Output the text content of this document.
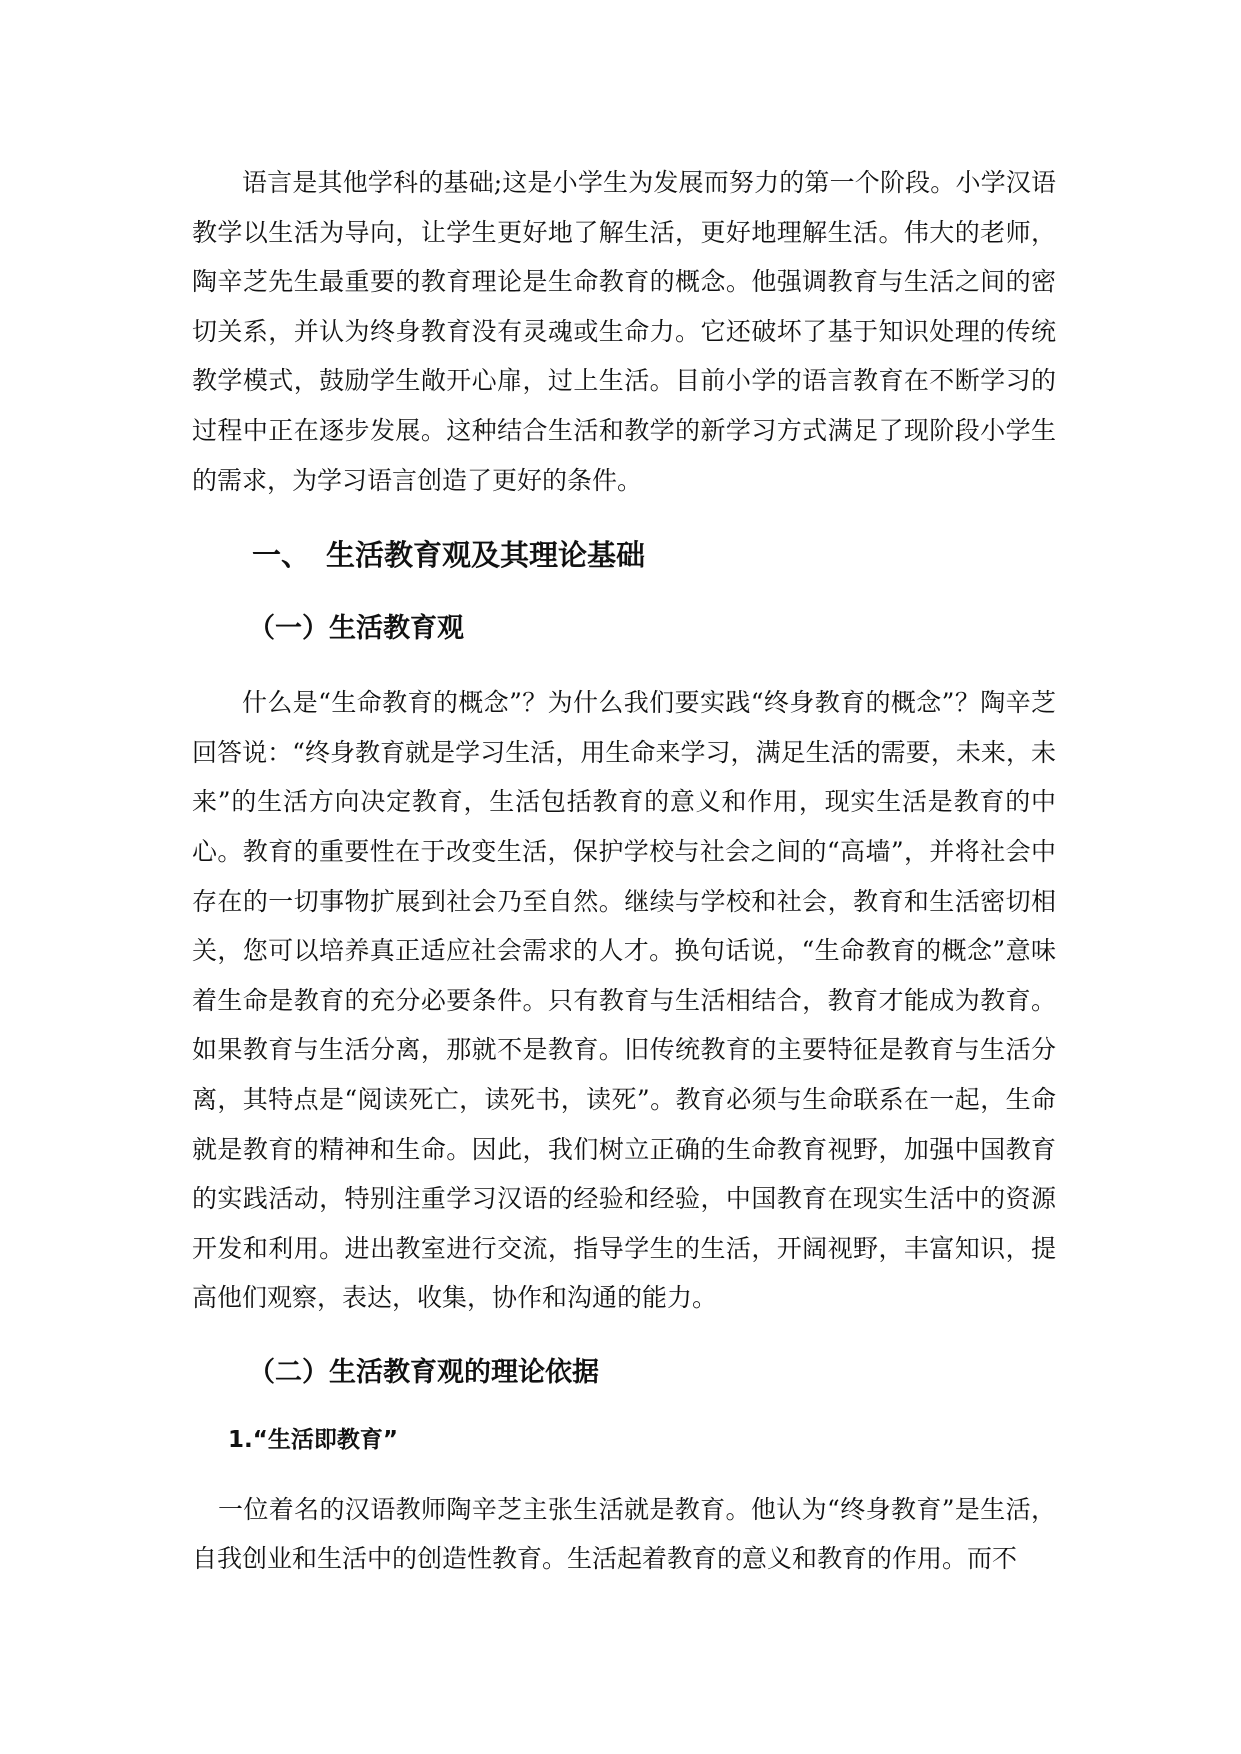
语言是其他学科的基础;这是小学生为发展而努力的第一个阶段。小学汉语教学以生活为导向，让学生更好地了解生活，更好地理解生活。伟大的老师，陶辛芝先生最重要的教育理论是生命教育的概念。他强调教育与生活之间的密切关系，并认为终身教育没有灵魂或生命力。它还破坏了基于知识处理的传统教学模式，鼓励学生敞开心扉，过上生活。目前小学的语言教育在不断学习的过程中正在逐步发展。这种结合生活和教学的新学习方式满足了现阶段小学生的需求，为学习语言创造了更好的条件。

一、 生活教育观及其理论基础
（一）生活教育观

什么是“生命教育的概念”？为什么我们要实践“终身教育的概念”？陶辛芝回答说：“终身教育就是学习生活，用生命来学习，满足生活的需要，未来，未来”的生活方向决定教育，生活包括教育的意义和作用，现实生活是教育的中心。教育的重要性在于改变生活，保护学校与社会之间的“高墙”，并将社会中存在的一切事物扩展到社会乃至自然。继续与学校和社会，教育和生活密切相关，您可以培养真正适应社会需求的人才。换句话说，“生命教育的概念”意味着生命是教育的充分必要条件。只有教育与生活相结合，教育才能成为教育。如果教育与生活分离，那就不是教育。旧传统教育的主要特征是教育与生活分离，其特点是“阅读死亡，读死书，读死”。教育必须与生命联系在一起，生命就是教育的精神和生命。因此，我们树立正确的生命教育视野，加强中国教育的实践活动，特别注重学习汉语的经验和经验，中国教育在现实生活中的资源开发和利用。进出教室进行交流，指导学生的生活，开阔视野，丰富知识，提高他们观察，表达，收集，协作和沟通的能力。

（二）生活教育观的理论依据
1.“生活即教育”

一位着名的汉语教师陶辛芝主张生活就是教育。他认为“终身教育”是生活，自我创业和生活中的创造性教育。生活起着教育的意义和教育的作用。而不
